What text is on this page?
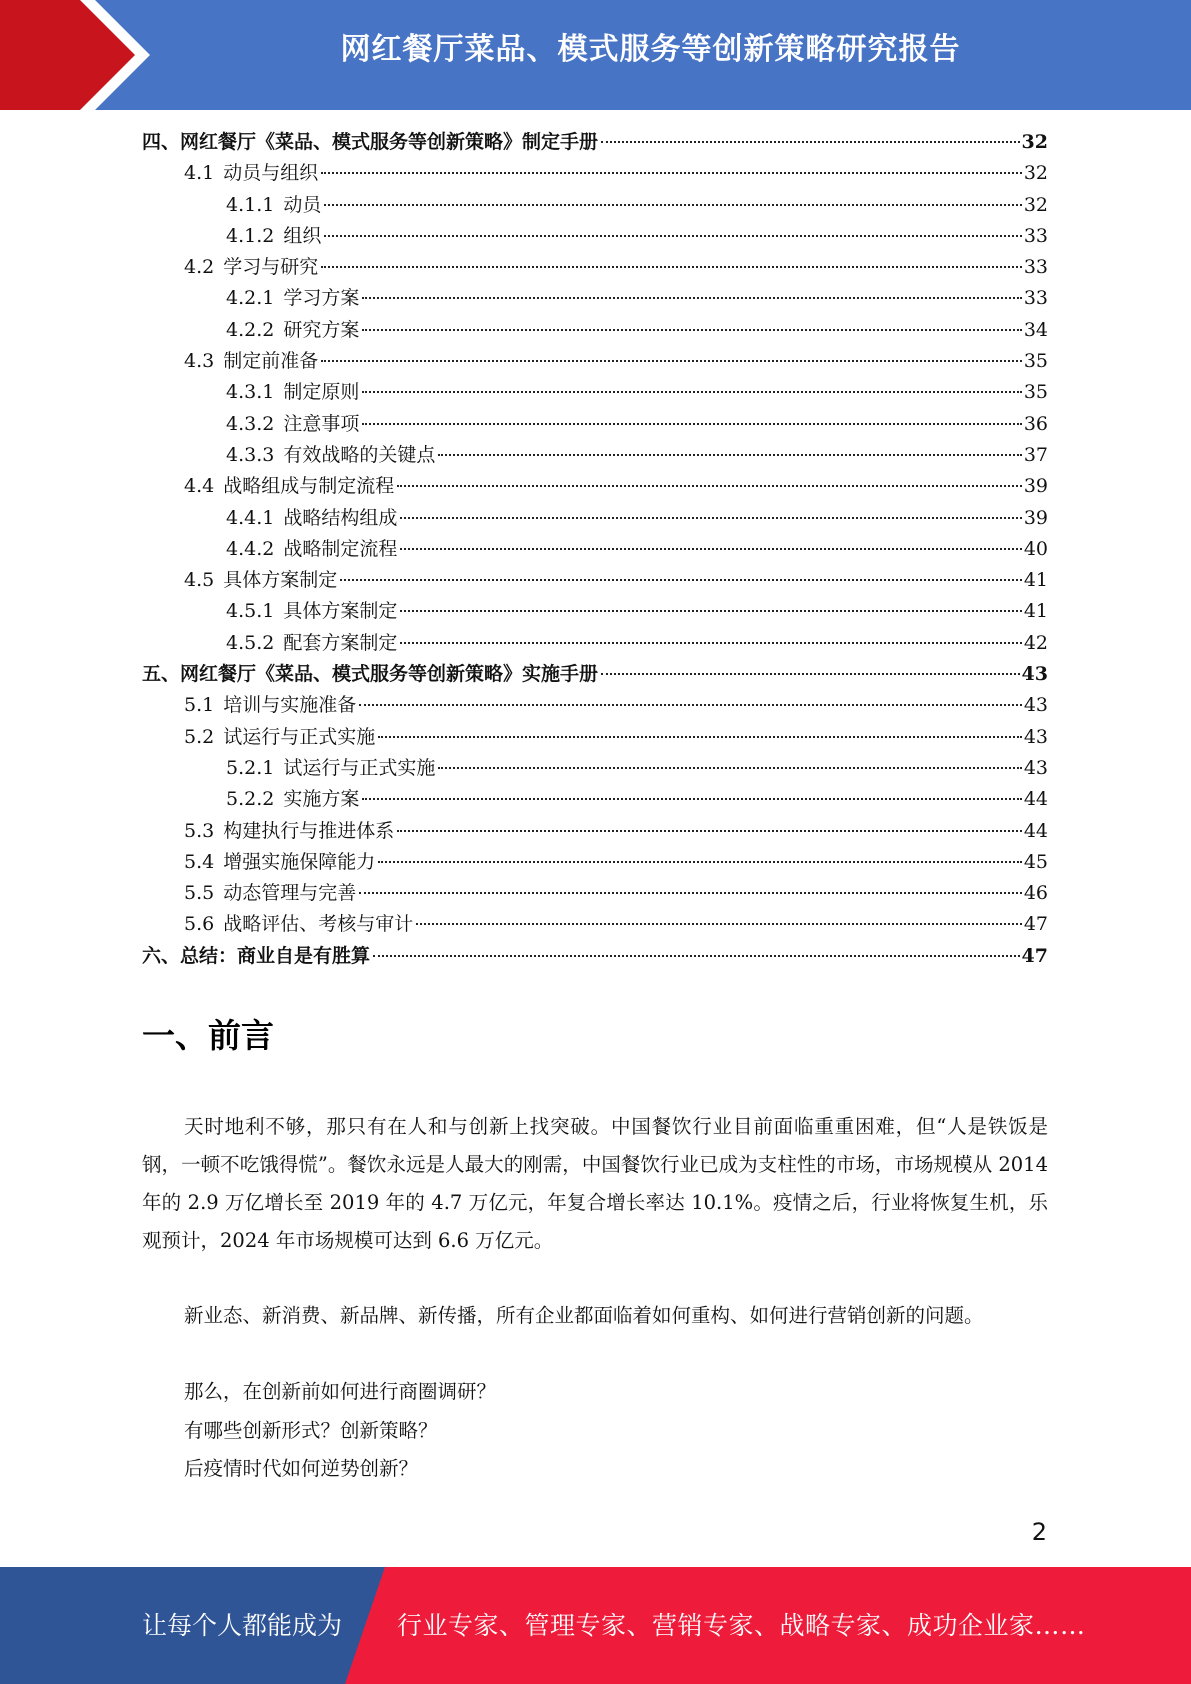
网红餐厅菜品、模式服务等创新策略研究报告
四、网红餐厅《菜品、模式服务等创新策略》制定手册	32
4.1 动员与组织	32
4.1.1 动员	32
4.1.2 组织	33
4.2 学习与研究	33
4.2.1 学习方案	33
4.2.2 研究方案	34
4.3 制定前准备	35
4.3.1 制定原则	35
4.3.2 注意事项	36
4.3.3 有效战略的关键点	37
4.4 战略组成与制定流程	39
4.4.1 战略结构组成	39
4.4.2 战略制定流程	40
4.5 具体方案制定	41
4.5.1 具体方案制定	41
4.5.2 配套方案制定	42
五、网红餐厅《菜品、模式服务等创新策略》实施手册	43
5.1 培训与实施准备	43
5.2 试运行与正式实施	43
5.2.1 试运行与正式实施	43
5.2.2 实施方案	44
5.3 构建执行与推进体系	44
5.4 增强实施保障能力	45
5.5 动态管理与完善	46
5.6 战略评估、考核与审计	47
六、总结：商业自是有胜算	47
一、前言

天时地利不够，那只有在人和与创新上找突破。中国餐饮行业目前面临重重困难，但“人是铁饭是钢，一顿不吃饿得慌”。餐饮永远是人最大的刚需，中国餐饮行业已成为支柱性的市场，市场规模从 2014 年的 2.9 万亿增长至 2019 年的 4.7 万亿元，年复合增长率达 10.1%。疫情之后，行业将恢复生机，乐观预计，2024 年市场规模可达到 6.6 万亿元。

新业态、新消费、新品牌、新传播，所有企业都面临着如何重构、如何进行营销创新的问题。

那么，在创新前如何进行商圈调研？
有哪些创新形式？创新策略？
后疫情时代如何逆势创新？
2
让每个人都能成为 行业专家、管理专家、营销专家、战略专家、成功企业家……
